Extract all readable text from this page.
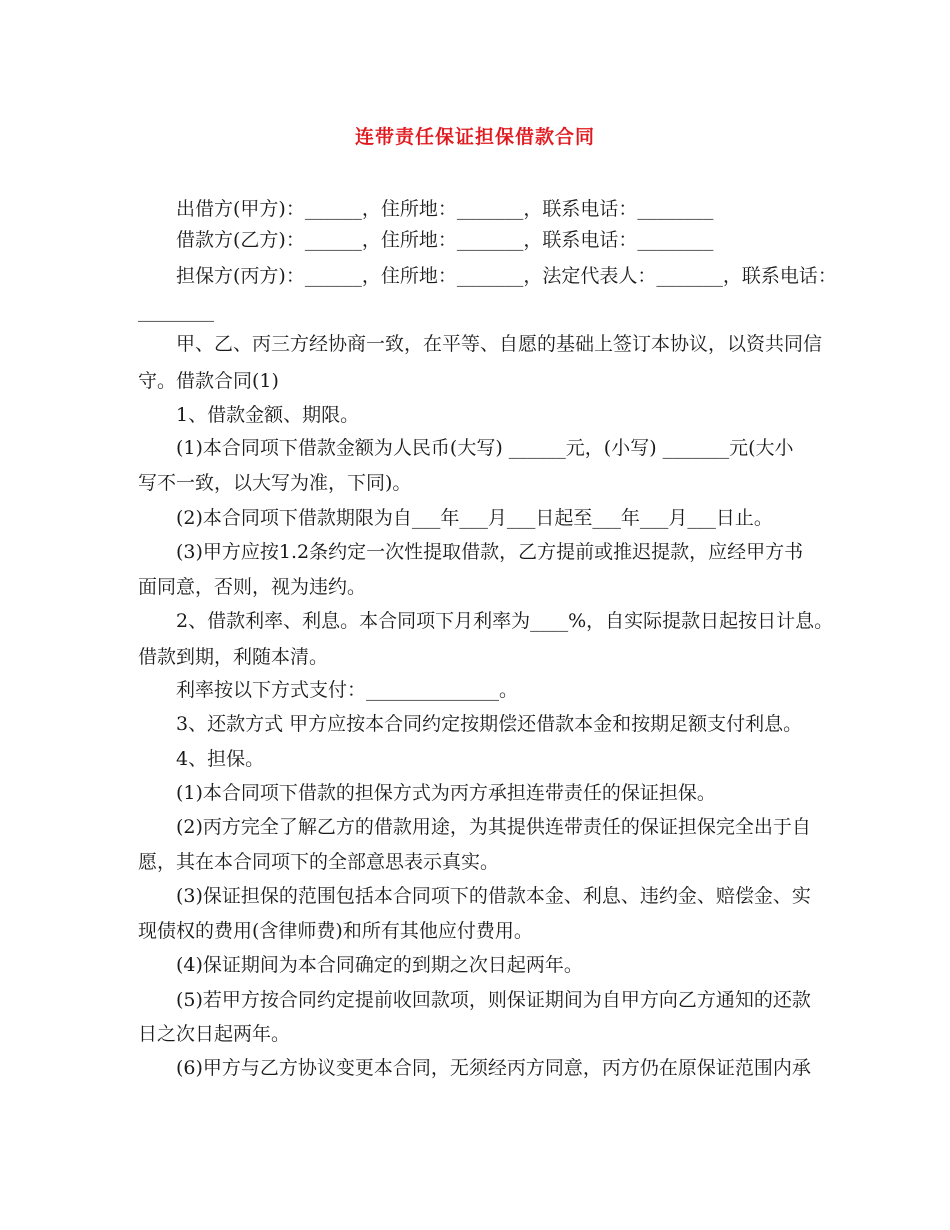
连带责任保证担保借款合同
出借方(甲方)：______，住所地：_______，联系电话：________
借款方(乙方)：______，住所地：_______，联系电话：________
担保方(丙方)：______，住所地：_______，法定代表人：_______，联系电话：
________
甲、乙、丙三方经协商一致，在平等、自愿的基础上签订本协议，以资共同信
守。借款合同(1)
1、借款金额、期限。
(1)本合同项下借款金额为人民币(大写) ______元，(小写) _______元(大小
写不一致，以大写为准，下同)。
(2)本合同项下借款期限为自___年___月___日起至___年___月___日止。
(3)甲方应按1.2条约定一次性提取借款，乙方提前或推迟提款，应经甲方书
面同意，否则，视为违约。
2、借款利率、利息。本合同项下月利率为____%，自实际提款日起按日计息。
借款到期，利随本清。
利率按以下方式支付：______________。
3、还款方式 甲方应按本合同约定按期偿还借款本金和按期足额支付利息。
4、担保。
(1)本合同项下借款的担保方式为丙方承担连带责任的保证担保。
(2)丙方完全了解乙方的借款用途，为其提供连带责任的保证担保完全出于自
愿，其在本合同项下的全部意思表示真实。
(3)保证担保的范围包括本合同项下的借款本金、利息、违约金、赔偿金、实
现债权的费用(含律师费)和所有其他应付费用。
(4)保证期间为本合同确定的到期之次日起两年。
(5)若甲方按合同约定提前收回款项，则保证期间为自甲方向乙方通知的还款
日之次日起两年。
(6)甲方与乙方协议变更本合同，无须经丙方同意，丙方仍在原保证范围内承
